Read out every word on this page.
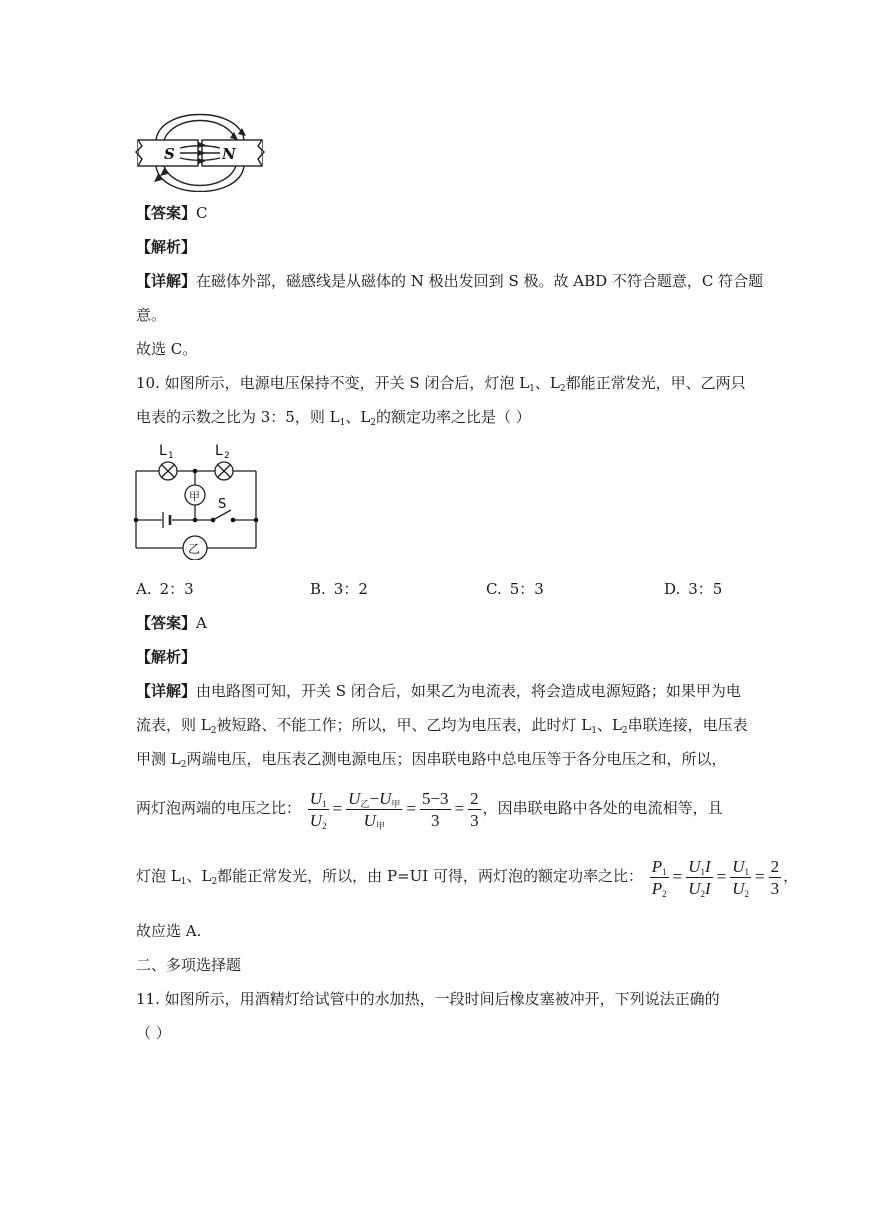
S	N
【答案】C
【解析】
【详解】在磁体外部，磁感线是从磁体的 N 极出发回到 S 极。故 ABD 不符合题意，C 符合题
意。
故选 C。
10. 如图所示，电源电压保持不变，开关 S 闭合后，灯泡 $L_1$、$L_2$都能正常发光，甲、乙两只
电表的示数之比为 3：5，则 $L_1$、$L_2$的额定功率之比是（ ）
L 1	L 2
甲
乙
S
A. 2：3	B. 3：2	C. 5：3	D. 3：5
【答案】A
【解析】
【详解】由电路图可知，开关 S 闭合后，如果乙为电流表，将会造成电源短路；如果甲为电
流表，则 $L_2$被短路、不能工作；所以，甲、乙均为电压表，此时灯 $L_1$、$L_2$串联连接，电压表
甲测 $L_2$两端电压，电压表乙测电源电压；因串联电路中总电压等于各分电压之和，所以，
两灯泡两端的电压之比： $\frac{U_1}{U_2} = \frac{U_乙-U_甲}{U_甲} = \frac{5-3}{3} = \frac{2}{3}$ ，因串联电路中各处的电流相等，且
灯泡 $L_1$、$L_2$都能正常发光，所以，由 P=UI 可得，两灯泡的额定功率之比： $\frac{P_1}{P_2} = \frac{U_1I}{U_2I} = \frac{U_1}{U_2} = \frac{2}{3}$ ，
故应选 A.
二、多项选择题
11. 如图所示，用酒精灯给试管中的水加热，一段时间后橡皮塞被冲开，下列说法正确的
（ ）
